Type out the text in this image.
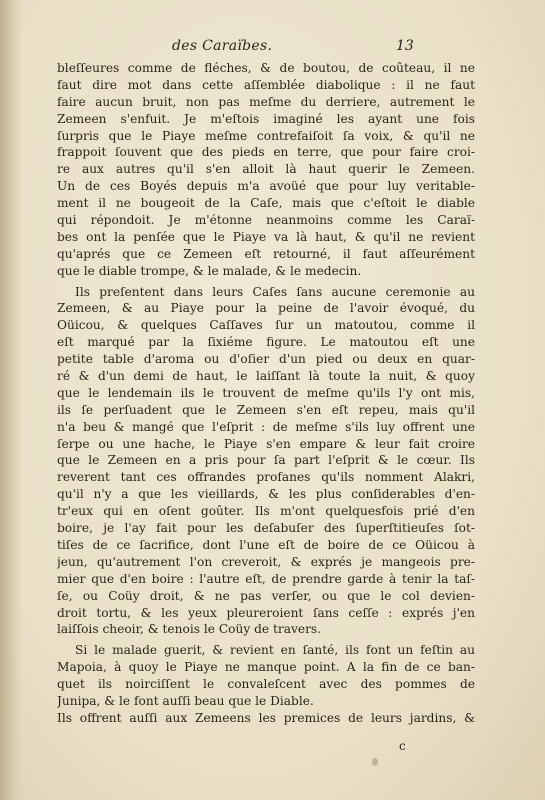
des Caraïbes.	13
bleſſeures comme de fléches, & de boutou, de coûteau, il ne
faut dire mot dans cette aſſemblée diabolique : il ne faut
faire aucun bruit, non pas meſme du derriere, autrement le
Zemeen s'enfuit. Je m'eſtois imaginé les ayant une fois
ſurpris que le Piaye meſme contrefaiſoit ſa voix, & qu'il ne
frappoit ſouvent que des pieds en terre, que pour faire croi-
re aux autres qu'il s'en alloit là haut querir le Zemeen.
Un de ces Boyés depuis m'a avoüé que pour luy veritable-
ment il ne bougeoit de la Caſe, mais que c'eſtoit le diable
qui répondoit. Je m'étonne neanmoins comme les Caraï-
bes ont la penſée que le Piaye va là haut, & qu'il ne revient
qu'aprés que ce Zemeen eſt retourné, il faut aſſeurément
que le diable trompe, & le malade, & le medecin.
Ils preſentent dans leurs Caſes ſans aucune ceremonie au
Zemeen, & au Piaye pour la peine de l'avoir évoqué, du
Oüicou, & quelques Caſſaves ſur un matoutou, comme il
eſt marqué par la ſixiéme figure. Le matoutou eſt une
petite table d'aroma ou d'oſier d'un pied ou deux en quar-
ré & d'un demi de haut, le laiſſant là toute la nuit, & quoy
que le lendemain ils le trouvent de meſme qu'ils l'y ont mis,
ils ſe perſuadent que le Zemeen s'en eſt repeu, mais qu'il
n'a beu & mangé que l'eſprit : de meſme s'ils luy offrent une
ſerpe ou une hache, le Piaye s'en empare & leur fait croire
que le Zemeen en a pris pour ſa part l'eſprit & le cœur. Ils
reverent tant ces offrandes profanes qu'ils nomment Alakri,
qu'il n'y a que les vieillards, & les plus conſiderables d'en-
tr'eux qui en oſent goûter. Ils m'ont quelquesfois prié d'en
boire, je l'ay fait pour les deſabuſer des ſuperſtitieuſes ſot-
tiſes de ce ſacrifice, dont l'une eſt de boire de ce Oüicou à
jeun, qu'autrement l'on creveroit, & exprés je mangeois pre-
mier que d'en boire : l'autre eſt, de prendre garde à tenir la taſ-
ſe, ou Coüy droit, & ne pas verſer, ou que le col devien-
droit tortu, & les yeux pleureroient ſans ceſſe : exprés j'en
laiſſois cheoir, & tenois le Coüy de travers.
Si le malade guerit, & revient en ſanté, ils font un feſtin au
Mapoia, à quoy le Piaye ne manque point. A la fin de ce ban-
quet ils noirciſſent le convaleſcent avec des pommes de
Junipa, & le font auſſi beau que le Diable.
Ils offrent auſſi aux Zemeens les premices de leurs jardins, &
c
